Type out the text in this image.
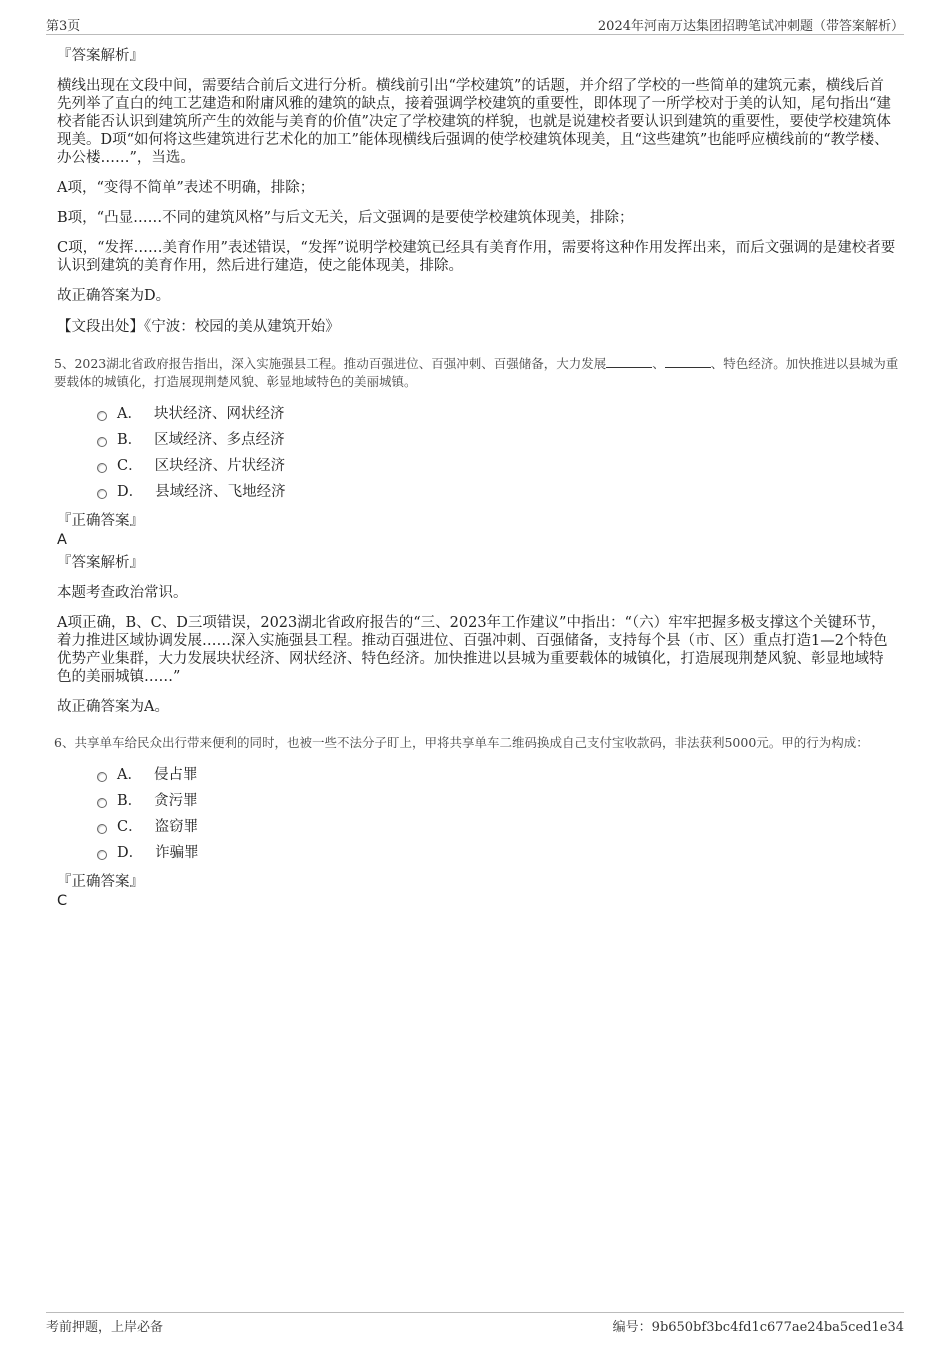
第3页	2024年河南万达集团招聘笔试冲刺题（带答案解析）
『答案解析』

横线出现在文段中间，需要结合前后文进行分析。横线前引出“学校建筑”的话题，并介绍了学校的一些简单的建筑元素，横线后首先列举了直白的纯工艺建造和附庸风雅的建筑的缺点，接着强调学校建筑的重要性，即体现了一所学校对于美的认知，尾句指出“建校者能否认识到建筑所产生的效能与美育的价值”决定了学校建筑的样貌，也就是说建校者要认识到建筑的重要性，要使学校建筑体现美。D项“如何将这些建筑进行艺术化的加工”能体现横线后强调的使学校建筑体现美，且“这些建筑”也能呼应横线前的“教学楼、办公楼……”，当选。

A项，“变得不简单”表述不明确，排除；

B项，“凸显……不同的建筑风格”与后文无关，后文强调的是要使学校建筑体现美，排除；

C项，“发挥……美育作用”表述错误，“发挥”说明学校建筑已经具有美育作用，需要将这种作用发挥出来，而后文强调的是建校者要认识到建筑的美育作用，然后进行建造，使之能体现美，排除。

故正确答案为D。

【文段出处】《宁波：校园的美从建筑开始》
5、2023湖北省政府报告指出，深入实施强县工程。推动百强进位、百强冲刺、百强储备，大力发展	、	、特色经济。加快推进以县城为重要载体的城镇化，打造展现荆楚风貌、彰显地域特色的美丽城镇。
A． 块状经济、网状经济
B． 区域经济、多点经济
C． 区块经济、片状经济
D． 县域经济、飞地经济
『正确答案』
A
『答案解析』

本题考查政治常识。

A项正确，B、C、D三项错误，2023湖北省政府报告的“三、2023年工作建议”中指出：“（六）牢牢把握多极支撑这个关键环节，着力推进区域协调发展……深入实施强县工程。推动百强进位、百强冲刺、百强储备，支持每个县（市、区）重点打造1—2个特色优势产业集群，大力发展块状经济、网状经济、特色经济。加快推进以县城为重要载体的城镇化，打造展现荆楚风貌、彰显地域特色的美丽城镇……”

故正确答案为A。

6、共享单车给民众出行带来便利的同时，也被一些不法分子盯上，甲将共享单车二维码换成自己支付宝收款码，非法获利5000元。甲的行为构成：
A． 侵占罪
B． 贪污罪
C． 盗窃罪
D． 诈骗罪
『正确答案』
C
考前押题，上岸必备	编号：9b650bf3bc4fd1c677ae24ba5ced1e34
